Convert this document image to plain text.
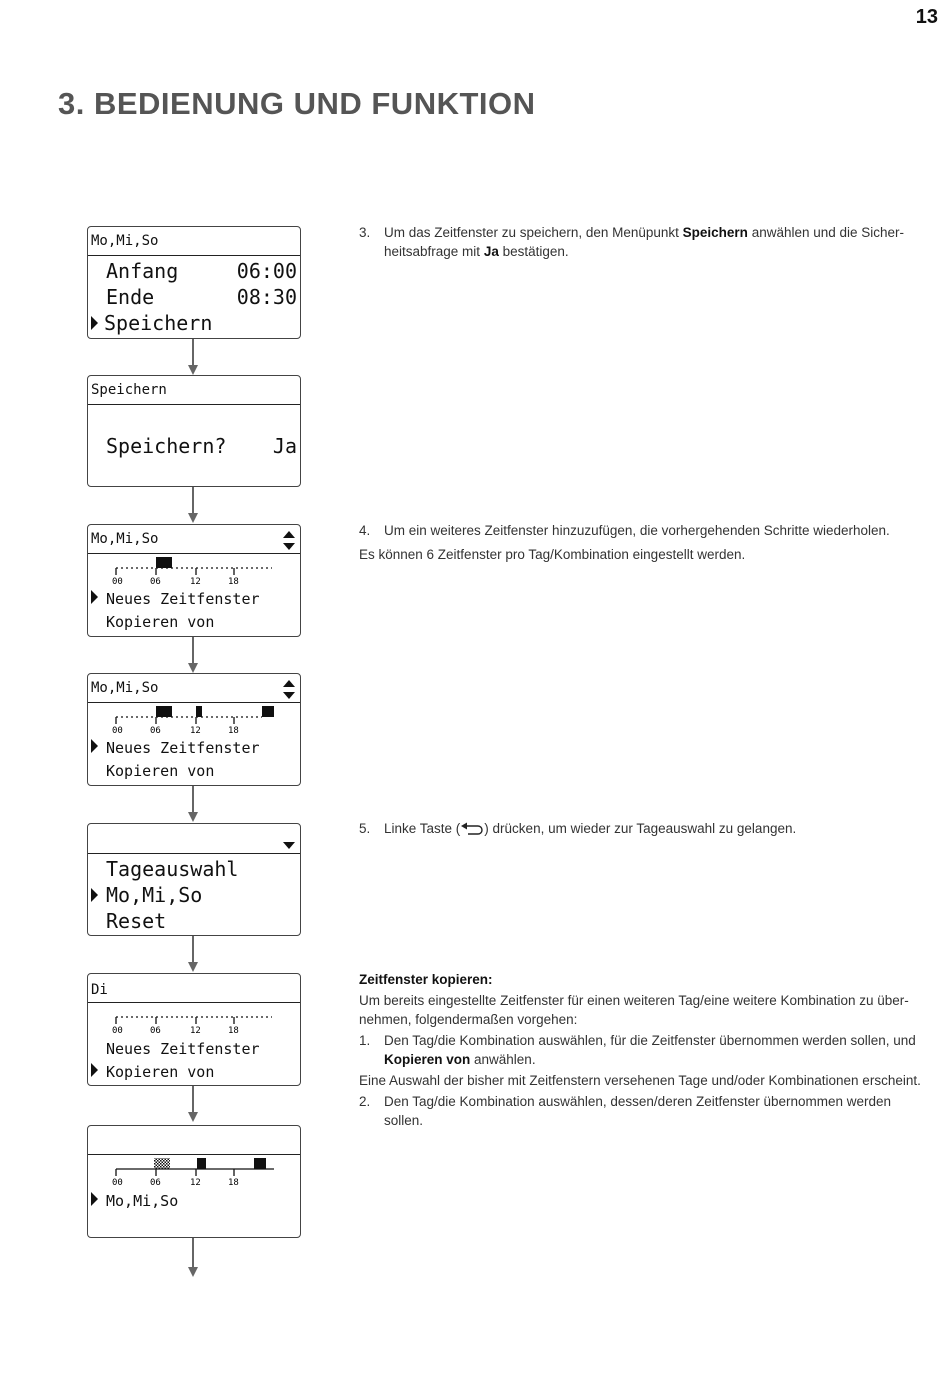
13
3. BEDIENUNG UND FUNKTION
Mo,Mi,So
Anfang	06:00
Ende	08:30
Speichern
Speichern
Speichern? Ja
Mo,Mi,So
00	06	12	18
Neues Zeitfenster
Kopieren von
Mo,Mi,So
00	06	12	18
Neues Zeitfenster
Kopieren von
Tageauswahl
Mo,Mi,So
Reset
Di
00	06	12	18
Neues Zeitfenster
Kopieren von
00	06	12	18
Mo,Mi,So
3.	Um das Zeitfenster zu speichern, den Menüpunkt Speichern anwählen und die Sicher-
heitsabfrage mit Ja bestätigen.
4.	Um ein weiteres Zeitfenster hinzuzufügen, die vorhergehenden Schritte wiederholen.
Es können 6 Zeitfenster pro Tag/Kombination eingestellt werden.
5.	Linke Taste ( ) drücken, um wieder zur Tageauswahl zu gelangen.
Zeitfenster kopieren:
Um bereits eingestellte Zeitfenster für einen weiteren Tag/eine weitere Kombination zu über-
nehmen, folgendermaßen vorgehen:
1.	Den Tag/die Kombination auswählen, für die Zeitfenster übernommen werden sollen, und
Kopieren von anwählen.
Eine Auswahl der bisher mit Zeitfenstern versehenen Tage und/oder Kombinationen erscheint.
2.	Den Tag/die Kombination auswählen, dessen/deren Zeitfenster übernommen werden
sollen.
